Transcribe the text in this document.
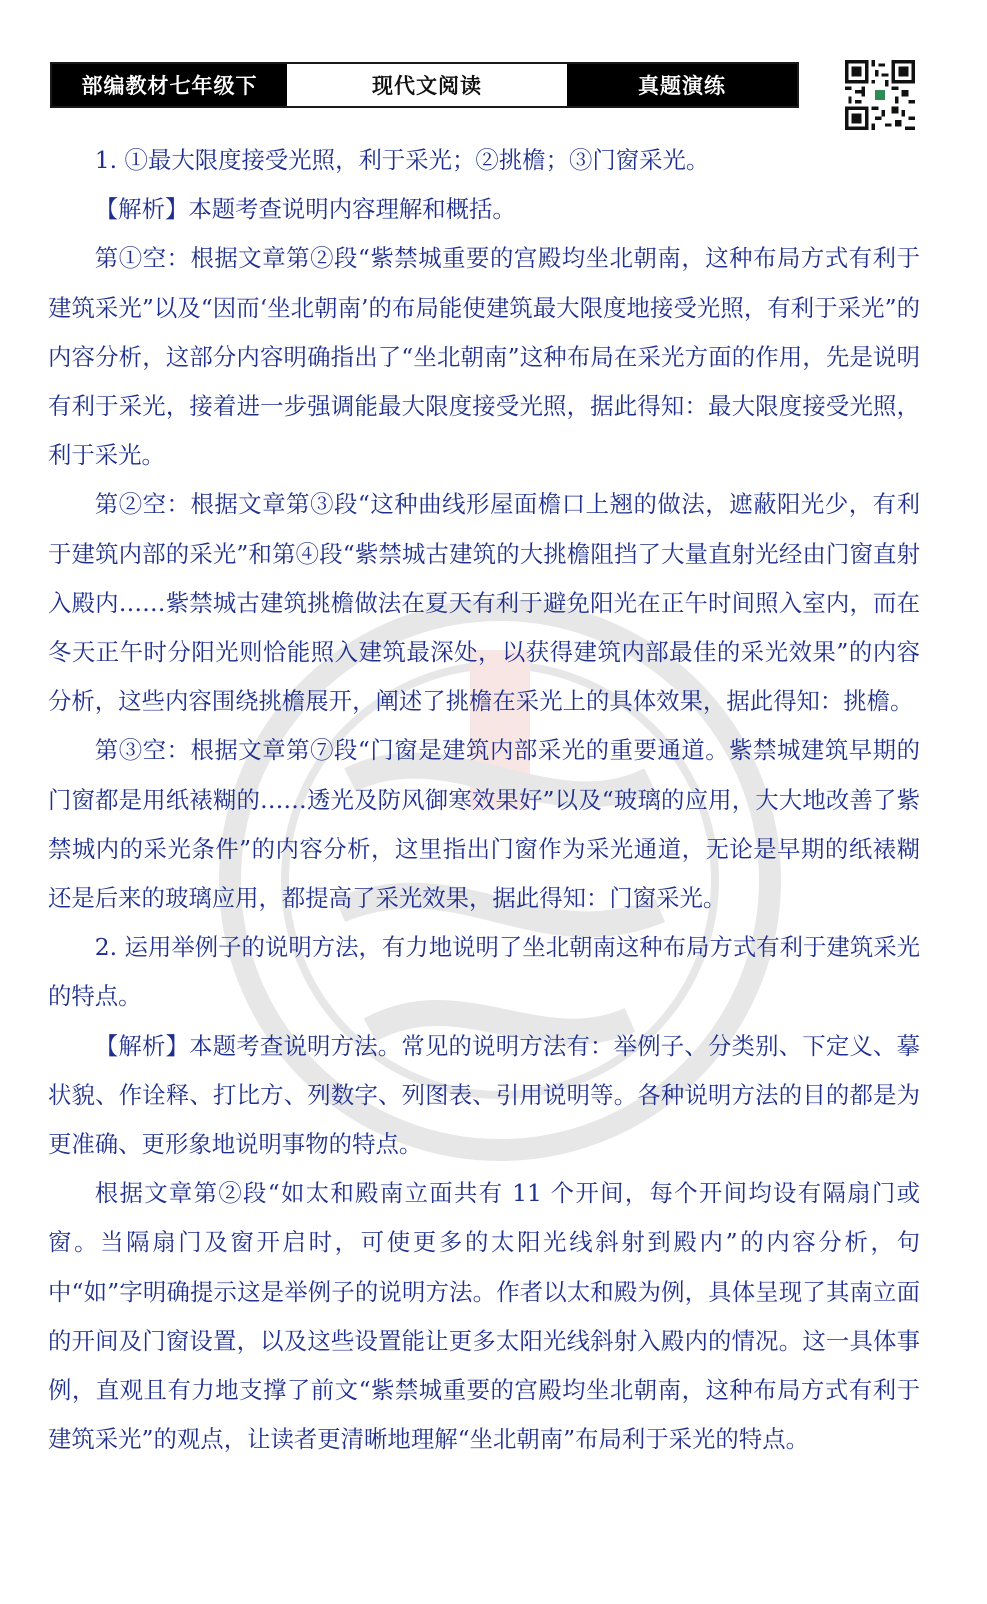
部编教材七年级下	现代文阅读	真题演练

1. ①最大限度接受光照，利于采光；②挑檐；③门窗采光。

【解析】本题考查说明内容理解和概括。

第①空：根据文章第②段“紫禁城重要的宫殿均坐北朝南，这种布局方式有利于建筑采光”以及“因而‘坐北朝南’的布局能使建筑最大限度地接受光照，有利于采光”的内容分析，这部分内容明确指出了“坐北朝南”这种布局在采光方面的作用，先是说明有利于采光，接着进一步强调能最大限度接受光照，据此得知：最大限度接受光照，利于采光。

第②空：根据文章第③段“这种曲线形屋面檐口上翘的做法，遮蔽阳光少，有利于建筑内部的采光”和第④段“紫禁城古建筑的大挑檐阻挡了大量直射光经由门窗直射入殿内……紫禁城古建筑挑檐做法在夏天有利于避免阳光在正午时间照入室内，而在冬天正午时分阳光则恰能照入建筑最深处，以获得建筑内部最佳的采光效果”的内容分析，这些内容围绕挑檐展开，阐述了挑檐在采光上的具体效果，据此得知：挑檐。

第③空：根据文章第⑦段“门窗是建筑内部采光的重要通道。紫禁城建筑早期的门窗都是用纸裱糊的……透光及防风御寒效果好”以及“玻璃的应用，大大地改善了紫禁城内的采光条件”的内容分析，这里指出门窗作为采光通道，无论是早期的纸裱糊还是后来的玻璃应用，都提高了采光效果，据此得知：门窗采光。

2. 运用举例子的说明方法，有力地说明了坐北朝南这种布局方式有利于建筑采光的特点。

【解析】本题考查说明方法。常见的说明方法有：举例子、分类别、下定义、摹状貌、作诠释、打比方、列数字、列图表、引用说明等。各种说明方法的目的都是为更准确、更形象地说明事物的特点。

根据文章第②段“如太和殿南立面共有 11 个开间，每个开间均设有隔扇门或窗。当隔扇门及窗开启时，可使更多的太阳光线斜射到殿内”的内容分析，句中“如”字明确提示这是举例子的说明方法。作者以太和殿为例，具体呈现了其南立面的开间及门窗设置，以及这些设置能让更多太阳光线斜射入殿内的情况。这一具体事例，直观且有力地支撑了前文“紫禁城重要的宫殿均坐北朝南，这种布局方式有利于建筑采光”的观点，让读者更清晰地理解“坐北朝南”布局利于采光的特点。
